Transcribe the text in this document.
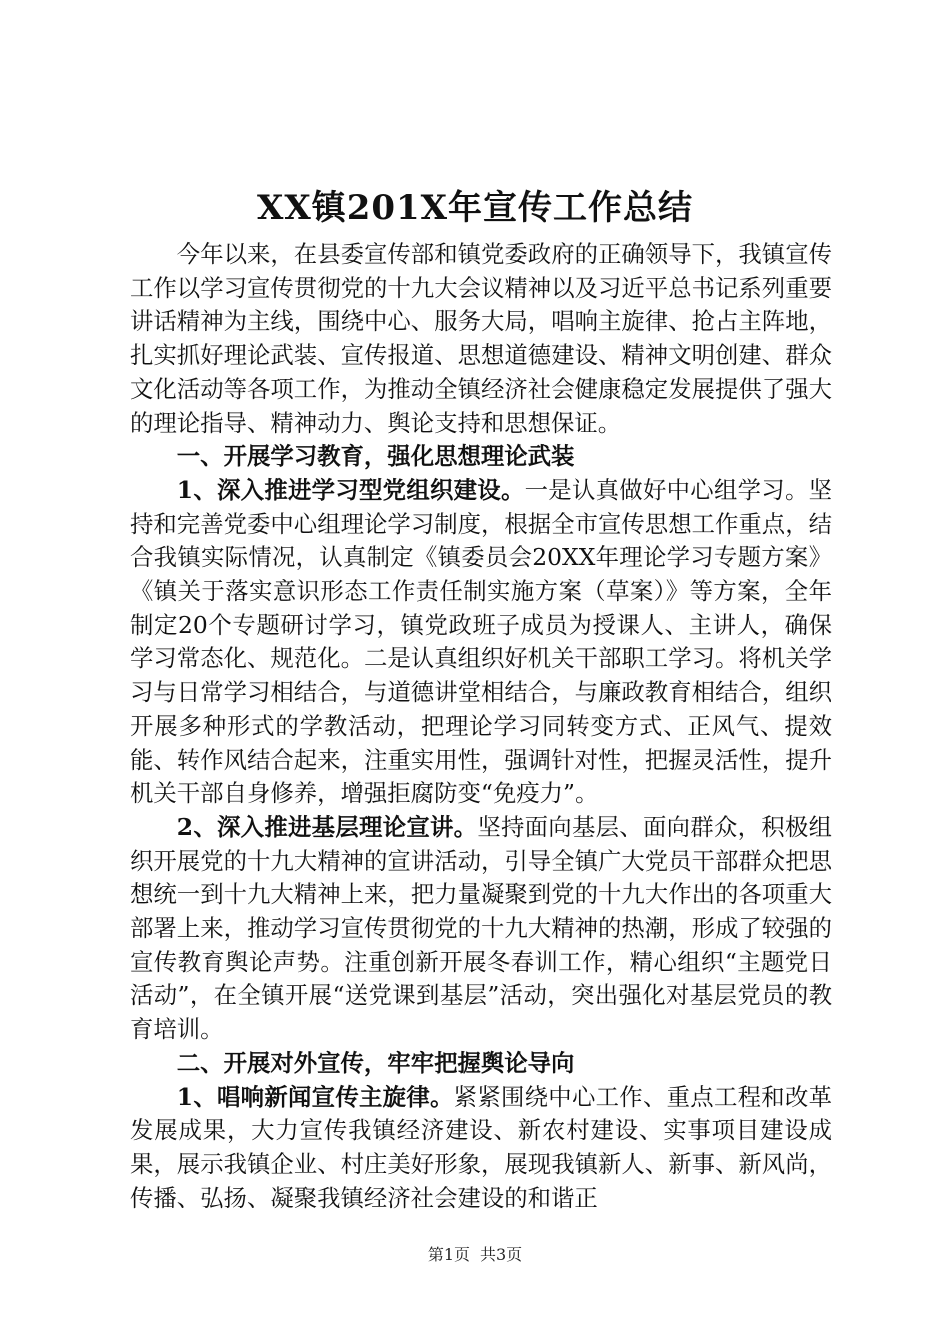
XX镇201X年宣传工作总结

今年以来，在县委宣传部和镇党委政府的正确领导下，我镇宣传工作以学习宣传贯彻党的十九大会议精神以及习近平总书记系列重要讲话精神为主线，围绕中心、服务大局，唱响主旋律、抢占主阵地，扎实抓好理论武装、宣传报道、思想道德建设、精神文明创建、群众文化活动等各项工作，为推动全镇经济社会健康稳定发展提供了强大的理论指导、精神动力、舆论支持和思想保证。

一、开展学习教育，强化思想理论武装

1、深入推进学习型党组织建设。一是认真做好中心组学习。坚持和完善党委中心组理论学习制度，根据全市宣传思想工作重点，结合我镇实际情况，认真制定《镇委员会20XX年理论学习专题方案》《镇关于落实意识形态工作责任制实施方案（草案）》等方案，全年制定20个专题研讨学习，镇党政班子成员为授课人、主讲人，确保学习常态化、规范化。二是认真组织好机关干部职工学习。将机关学习与日常学习相结合，与道德讲堂相结合，与廉政教育相结合，组织开展多种形式的学教活动，把理论学习同转变方式、正风气、提效能、转作风结合起来，注重实用性，强调针对性，把握灵活性，提升机关干部自身修养，增强拒腐防变“免疫力”。

2、深入推进基层理论宣讲。坚持面向基层、面向群众，积极组织开展党的十九大精神的宣讲活动，引导全镇广大党员干部群众把思想统一到十九大精神上来，把力量凝聚到党的十九大作出的各项重大部署上来，推动学习宣传贯彻党的十九大精神的热潮，形成了较强的宣传教育舆论声势。注重创新开展冬春训工作，精心组织“主题党日活动”，在全镇开展“送党课到基层”活动，突出强化对基层党员的教育培训。

二、开展对外宣传，牢牢把握舆论导向

1、唱响新闻宣传主旋律。紧紧围绕中心工作、重点工程和改革发展成果，大力宣传我镇经济建设、新农村建设、实事项目建设成果，展示我镇企业、村庄美好形象，展现我镇新人、新事、新风尚，传播、弘扬、凝聚我镇经济社会建设的和谐正

第1页 共3页
